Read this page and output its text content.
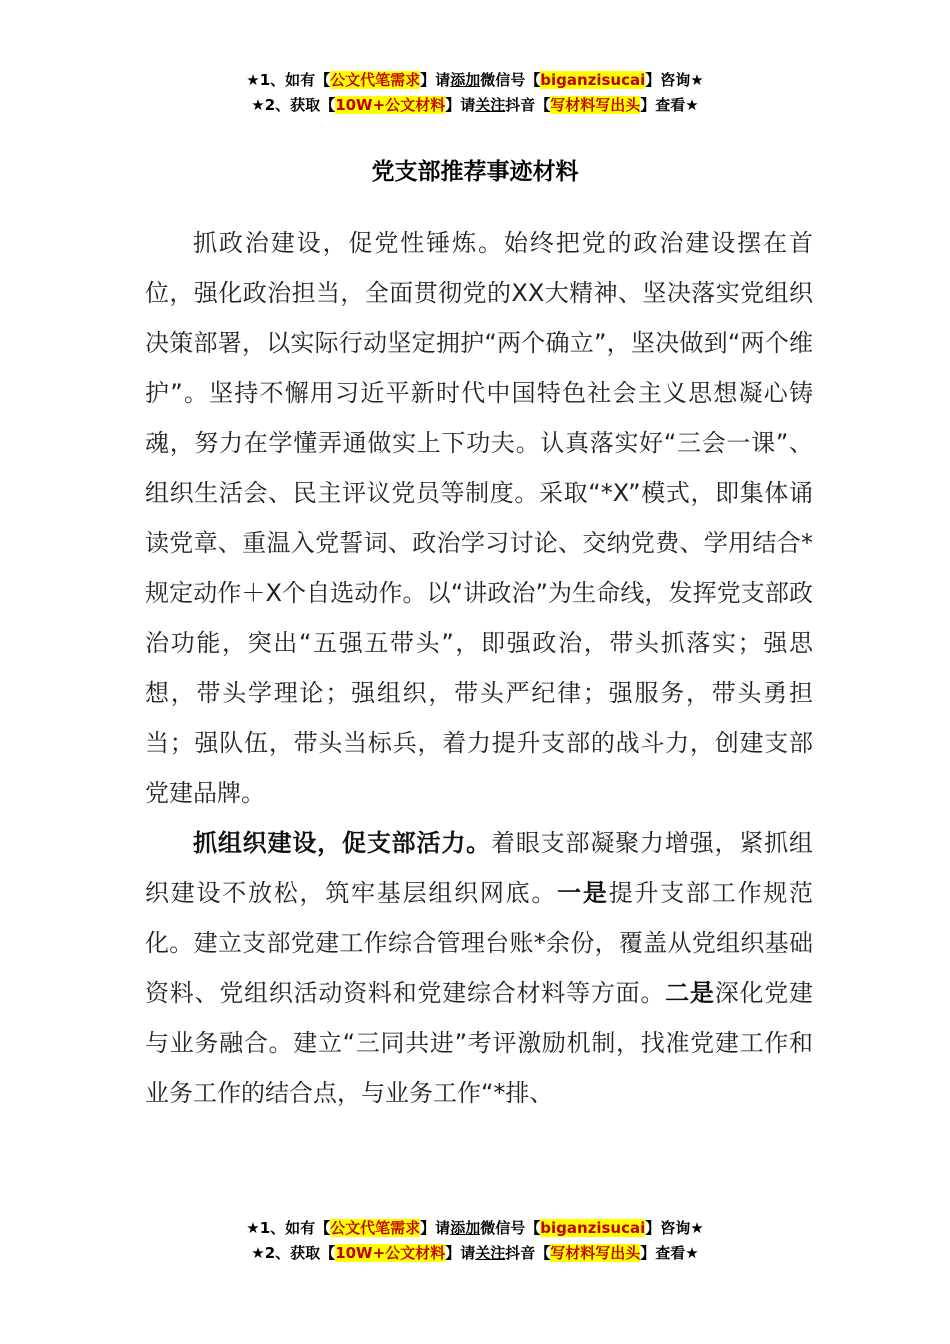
★1、如有【公文代笔需求】请添加微信号【biganzisucai】咨询★
★2、获取【10W+公文材料】请关注抖音【写材料写出头】查看★
党支部推荐事迹材料

抓政治建设，促党性锤炼。始终把党的政治建设摆在首位，强化政治担当，全面贯彻党的XX大精神、坚决落实党组织决策部署，以实际行动坚定拥护“两个确立”，坚决做到“两个维护”。坚持不懈用习近平新时代中国特色社会主义思想凝心铸魂，努力在学懂弄通做实上下功夫。认真落实好“三会一课”、组织生活会、民主评议党员等制度。采取“*X”模式，即集体诵读党章、重温入党誓词、政治学习讨论、交纳党费、学用结合*规定动作＋X个自选动作。以“讲政治”为生命线，发挥党支部政治功能，突出“五强五带头”，即强政治，带头抓落实；强思想，带头学理论；强组织，带头严纪律；强服务，带头勇担当；强队伍，带头当标兵，着力提升支部的战斗力，创建支部党建品牌。

抓组织建设，促支部活力。着眼支部凝聚力增强，紧抓组织建设不放松，筑牢基层组织网底。一是提升支部工作规范化。建立支部党建工作综合管理台账*余份，覆盖从党组织基础资料、党组织活动资料和党建综合材料等方面。二是深化党建与业务融合。建立“三同共进”考评激励机制，找准党建工作和业务工作的结合点，与业务工作“*排、

★1、如有【公文代笔需求】请添加微信号【biganzisucai】咨询★
★2、获取【10W+公文材料】请关注抖音【写材料写出头】查看★
